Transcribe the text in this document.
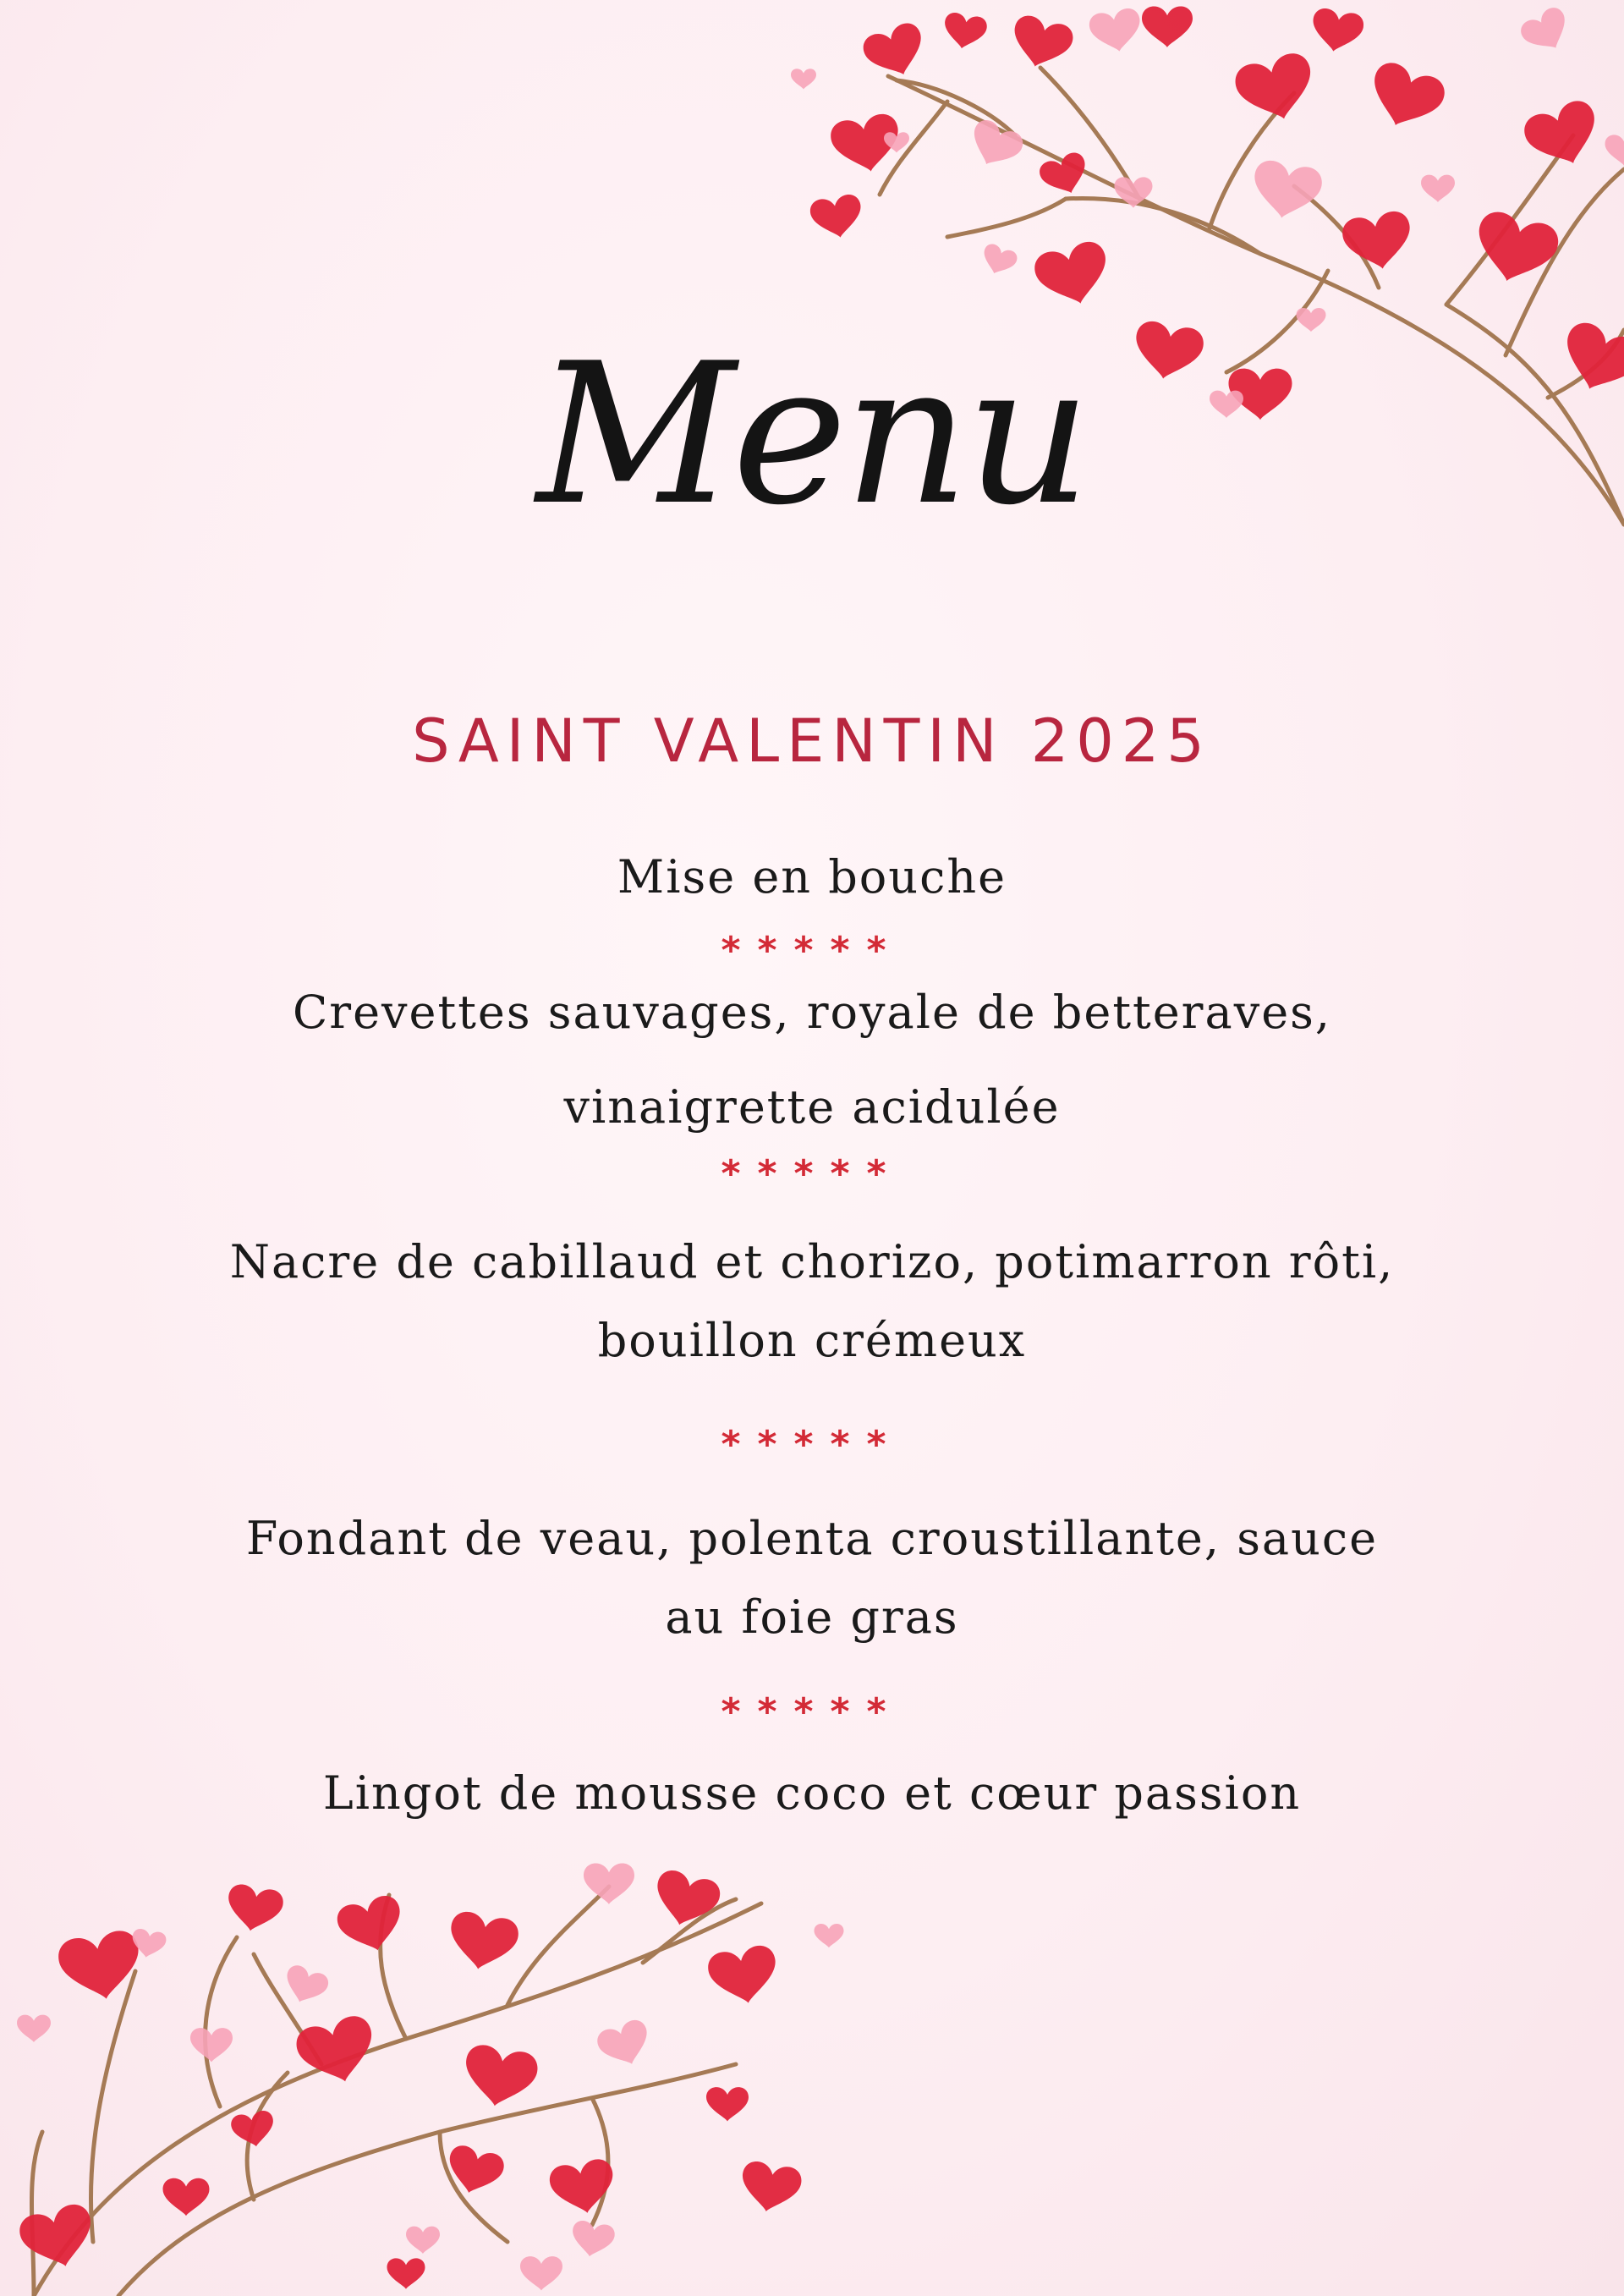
Menu
SAINT VALENTIN 2025
Mise en bouche
*****
Crevettes sauvages, royale de betteraves,
vinaigrette acidulée
*****
Nacre de cabillaud et chorizo, potimarron rôti,
bouillon crémeux
*****
Fondant de veau, polenta croustillante, sauce
au foie gras
*****
Lingot de mousse coco et cœur passion
